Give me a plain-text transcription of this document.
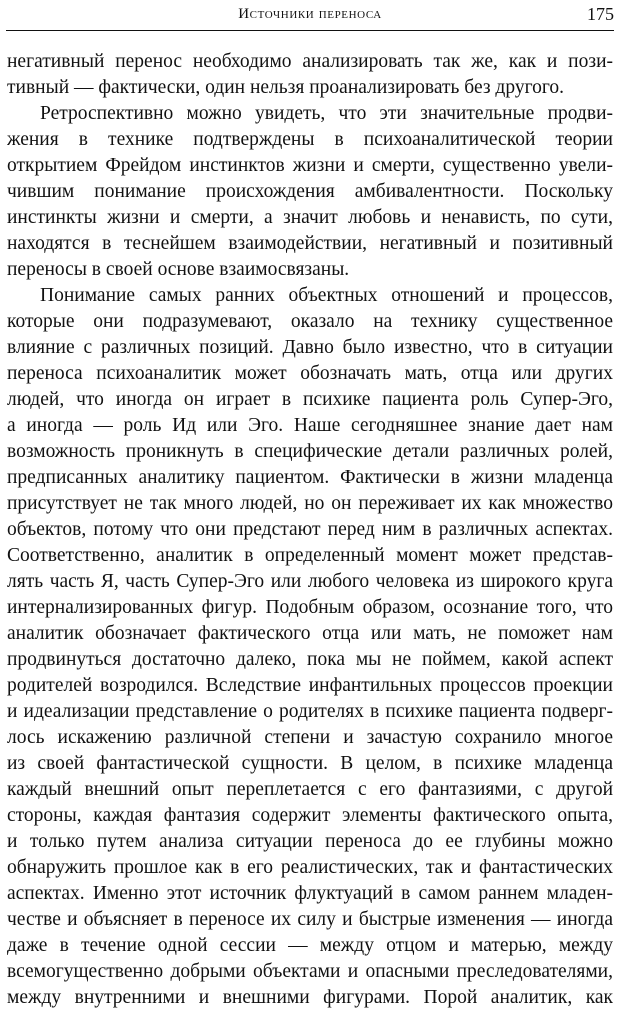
Источники переноса	175
негативный перенос необходимо анализировать так же, как и пози-
тивный — фактически, один нельзя проанализировать без другого.
Ретроспективно можно увидеть, что эти значительные продви-
жения в технике подтверждены в психоаналитической теории
открытием Фрейдом инстинктов жизни и смерти, существенно увели-
чившим понимание происхождения амбивалентности. Поскольку
инстинкты жизни и смерти, а значит любовь и ненависть, по сути,
находятся в теснейшем взаимодействии, негативный и позитивный
переносы в своей основе взаимосвязаны.
Понимание самых ранних объектных отношений и процессов,
которые они подразумевают, оказало на технику существенное
влияние с различных позиций. Давно было известно, что в ситуации
переноса психоаналитик может обозначать мать, отца или других
людей, что иногда он играет в психике пациента роль Супер-Эго,
а иногда — роль Ид или Эго. Наше сегодняшнее знание дает нам
возможность проникнуть в специфические детали различных ролей,
предписанных аналитику пациентом. Фактически в жизни младенца
присутствует не так много людей, но он переживает их как множество
объектов, потому что они предстают перед ним в различных аспектах.
Соответственно, аналитик в определенный момент может представ-
лять часть Я, часть Супер-Эго или любого человека из широкого круга
интернализированных фигур. Подобным образом, осознание того, что
аналитик обозначает фактического отца или мать, не поможет нам
продвинуться достаточно далеко, пока мы не поймем, какой аспект
родителей возродился. Вследствие инфантильных процессов проекции
и идеализации представление о родителях в психике пациента подверг-
лось искажению различной степени и зачастую сохранило многое
из своей фантастической сущности. В целом, в психике младенца
каждый внешний опыт переплетается с его фантазиями, с другой
стороны, каждая фантазия содержит элементы фактического опыта,
и только путем анализа ситуации переноса до ее глубины можно
обнаружить прошлое как в его реалистических, так и фантастических
аспектах. Именно этот источник флуктуаций в самом раннем младен-
честве и объясняет в переносе их силу и быстрые изменения — иногда
даже в течение одной сессии — между отцом и матерью, между
всемогущественно добрыми объектами и опасными преследователями,
между внутренними и внешними фигурами. Порой аналитик, как
